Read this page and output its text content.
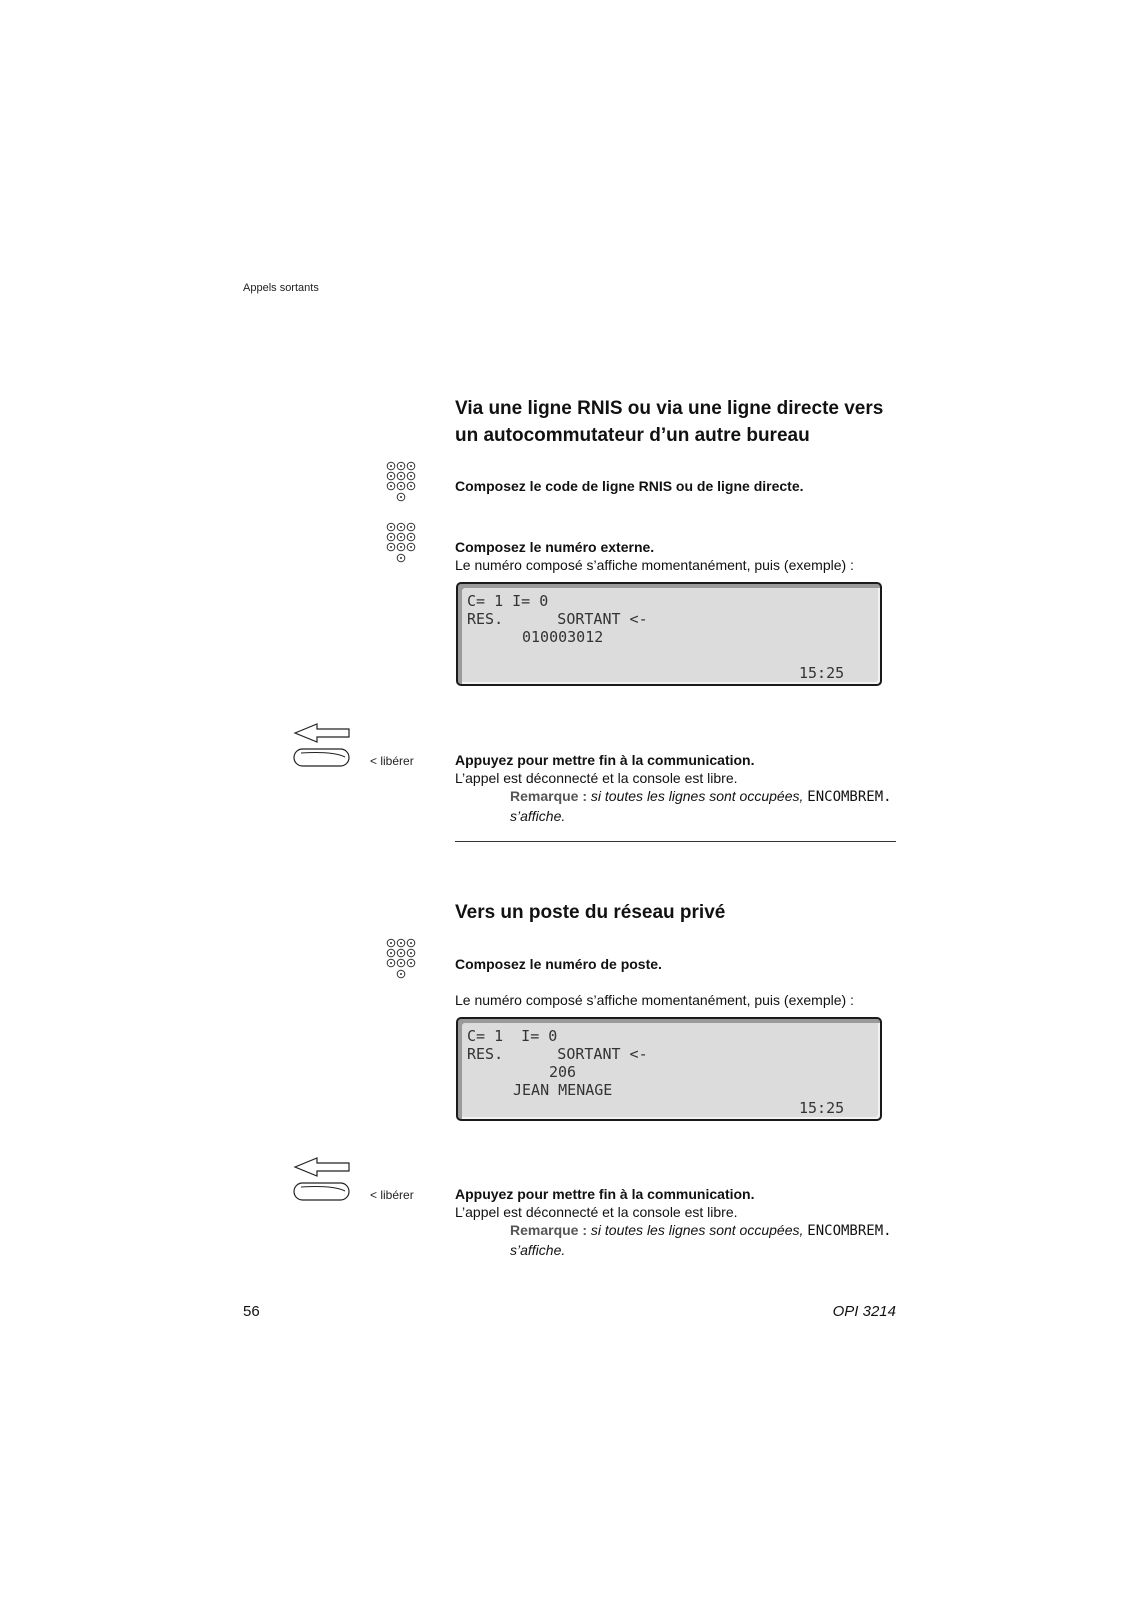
Appels sortants
Via une ligne RNIS ou via une ligne directe vers
un autocommutateur d’un autre bureau
Composez le code de ligne RNIS ou de ligne directe.
Composez le numéro externe.
Le numéro composé s’affiche momentanément, puis (exemple) :
C= 1 I= 0
RES.      SORTANT <-
010003012
15:25
< libérer	Appuyez pour mettre fin à la communication.
L’appel est déconnecté et la console est libre.
Remarque : si toutes les lignes sont occupées, ENCOMBREM.
s’affiche.
Vers un poste du réseau privé
Composez le numéro de poste.
Le numéro composé s’affiche momentanément, puis (exemple) :
C= 1  I= 0
RES.      SORTANT <-
206
JEAN MENAGE
15:25
< libérer	Appuyez pour mettre fin à la communication.
L’appel est déconnecté et la console est libre.
Remarque : si toutes les lignes sont occupées, ENCOMBREM.
s’affiche.
56	OPI 3214
